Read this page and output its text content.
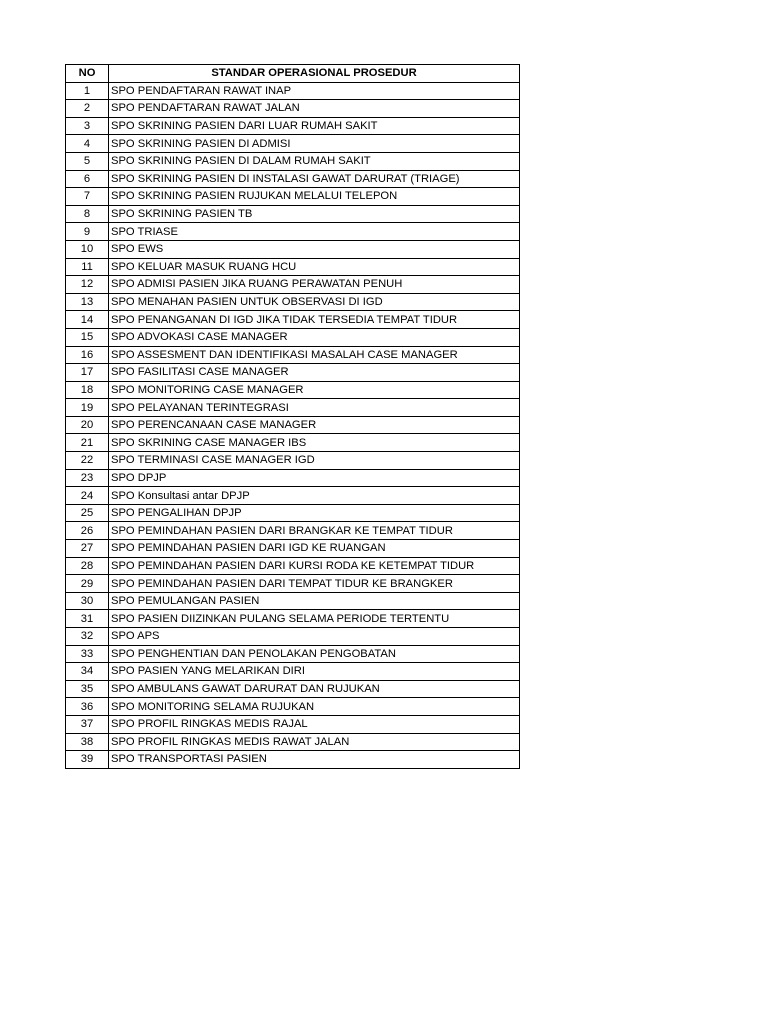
NO	STANDAR OPERASIONAL PROSEDUR
1	SPO PENDAFTARAN RAWAT INAP
2	SPO PENDAFTARAN RAWAT JALAN
3	SPO SKRINING PASIEN DARI LUAR RUMAH SAKIT
4	SPO SKRINING PASIEN DI ADMISI
5	SPO SKRINING PASIEN DI DALAM RUMAH SAKIT
6	SPO SKRINING PASIEN DI INSTALASI GAWAT DARURAT (TRIAGE)
7	SPO SKRINING PASIEN RUJUKAN MELALUI TELEPON
8	SPO SKRINING PASIEN TB
9	SPO TRIASE
10	SPO EWS
11	SPO KELUAR MASUK RUANG HCU
12	SPO ADMISI PASIEN JIKA RUANG PERAWATAN PENUH
13	SPO MENAHAN PASIEN UNTUK OBSERVASI DI IGD
14	SPO PENANGANAN DI IGD JIKA TIDAK TERSEDIA TEMPAT TIDUR
15	SPO ADVOKASI CASE MANAGER
16	SPO ASSESMENT DAN IDENTIFIKASI MASALAH CASE MANAGER
17	SPO FASILITASI CASE MANAGER
18	SPO MONITORING CASE MANAGER
19	SPO PELAYANAN TERINTEGRASI
20	SPO PERENCANAAN CASE MANAGER
21	SPO SKRINING CASE MANAGER IBS
22	SPO TERMINASI CASE MANAGER IGD
23	SPO DPJP
24	SPO Konsultasi antar DPJP
25	SPO PENGALIHAN DPJP
26	SPO PEMINDAHAN PASIEN DARI BRANGKAR KE TEMPAT TIDUR
27	SPO PEMINDAHAN PASIEN DARI IGD KE RUANGAN
28	SPO PEMINDAHAN PASIEN DARI KURSI RODA KE KETEMPAT TIDUR
29	SPO PEMINDAHAN PASIEN DARI TEMPAT TIDUR KE BRANGKER
30	SPO PEMULANGAN PASIEN
31	SPO PASIEN DIIZINKAN PULANG SELAMA PERIODE TERTENTU
32	SPO APS
33	SPO PENGHENTIAN DAN PENOLAKAN PENGOBATAN
34	SPO PASIEN YANG MELARIKAN DIRI
35	SPO AMBULANS GAWAT DARURAT DAN RUJUKAN
36	SPO MONITORING SELAMA RUJUKAN
37	SPO PROFIL RINGKAS MEDIS RAJAL
38	SPO PROFIL RINGKAS MEDIS RAWAT JALAN
39	SPO TRANSPORTASI PASIEN
